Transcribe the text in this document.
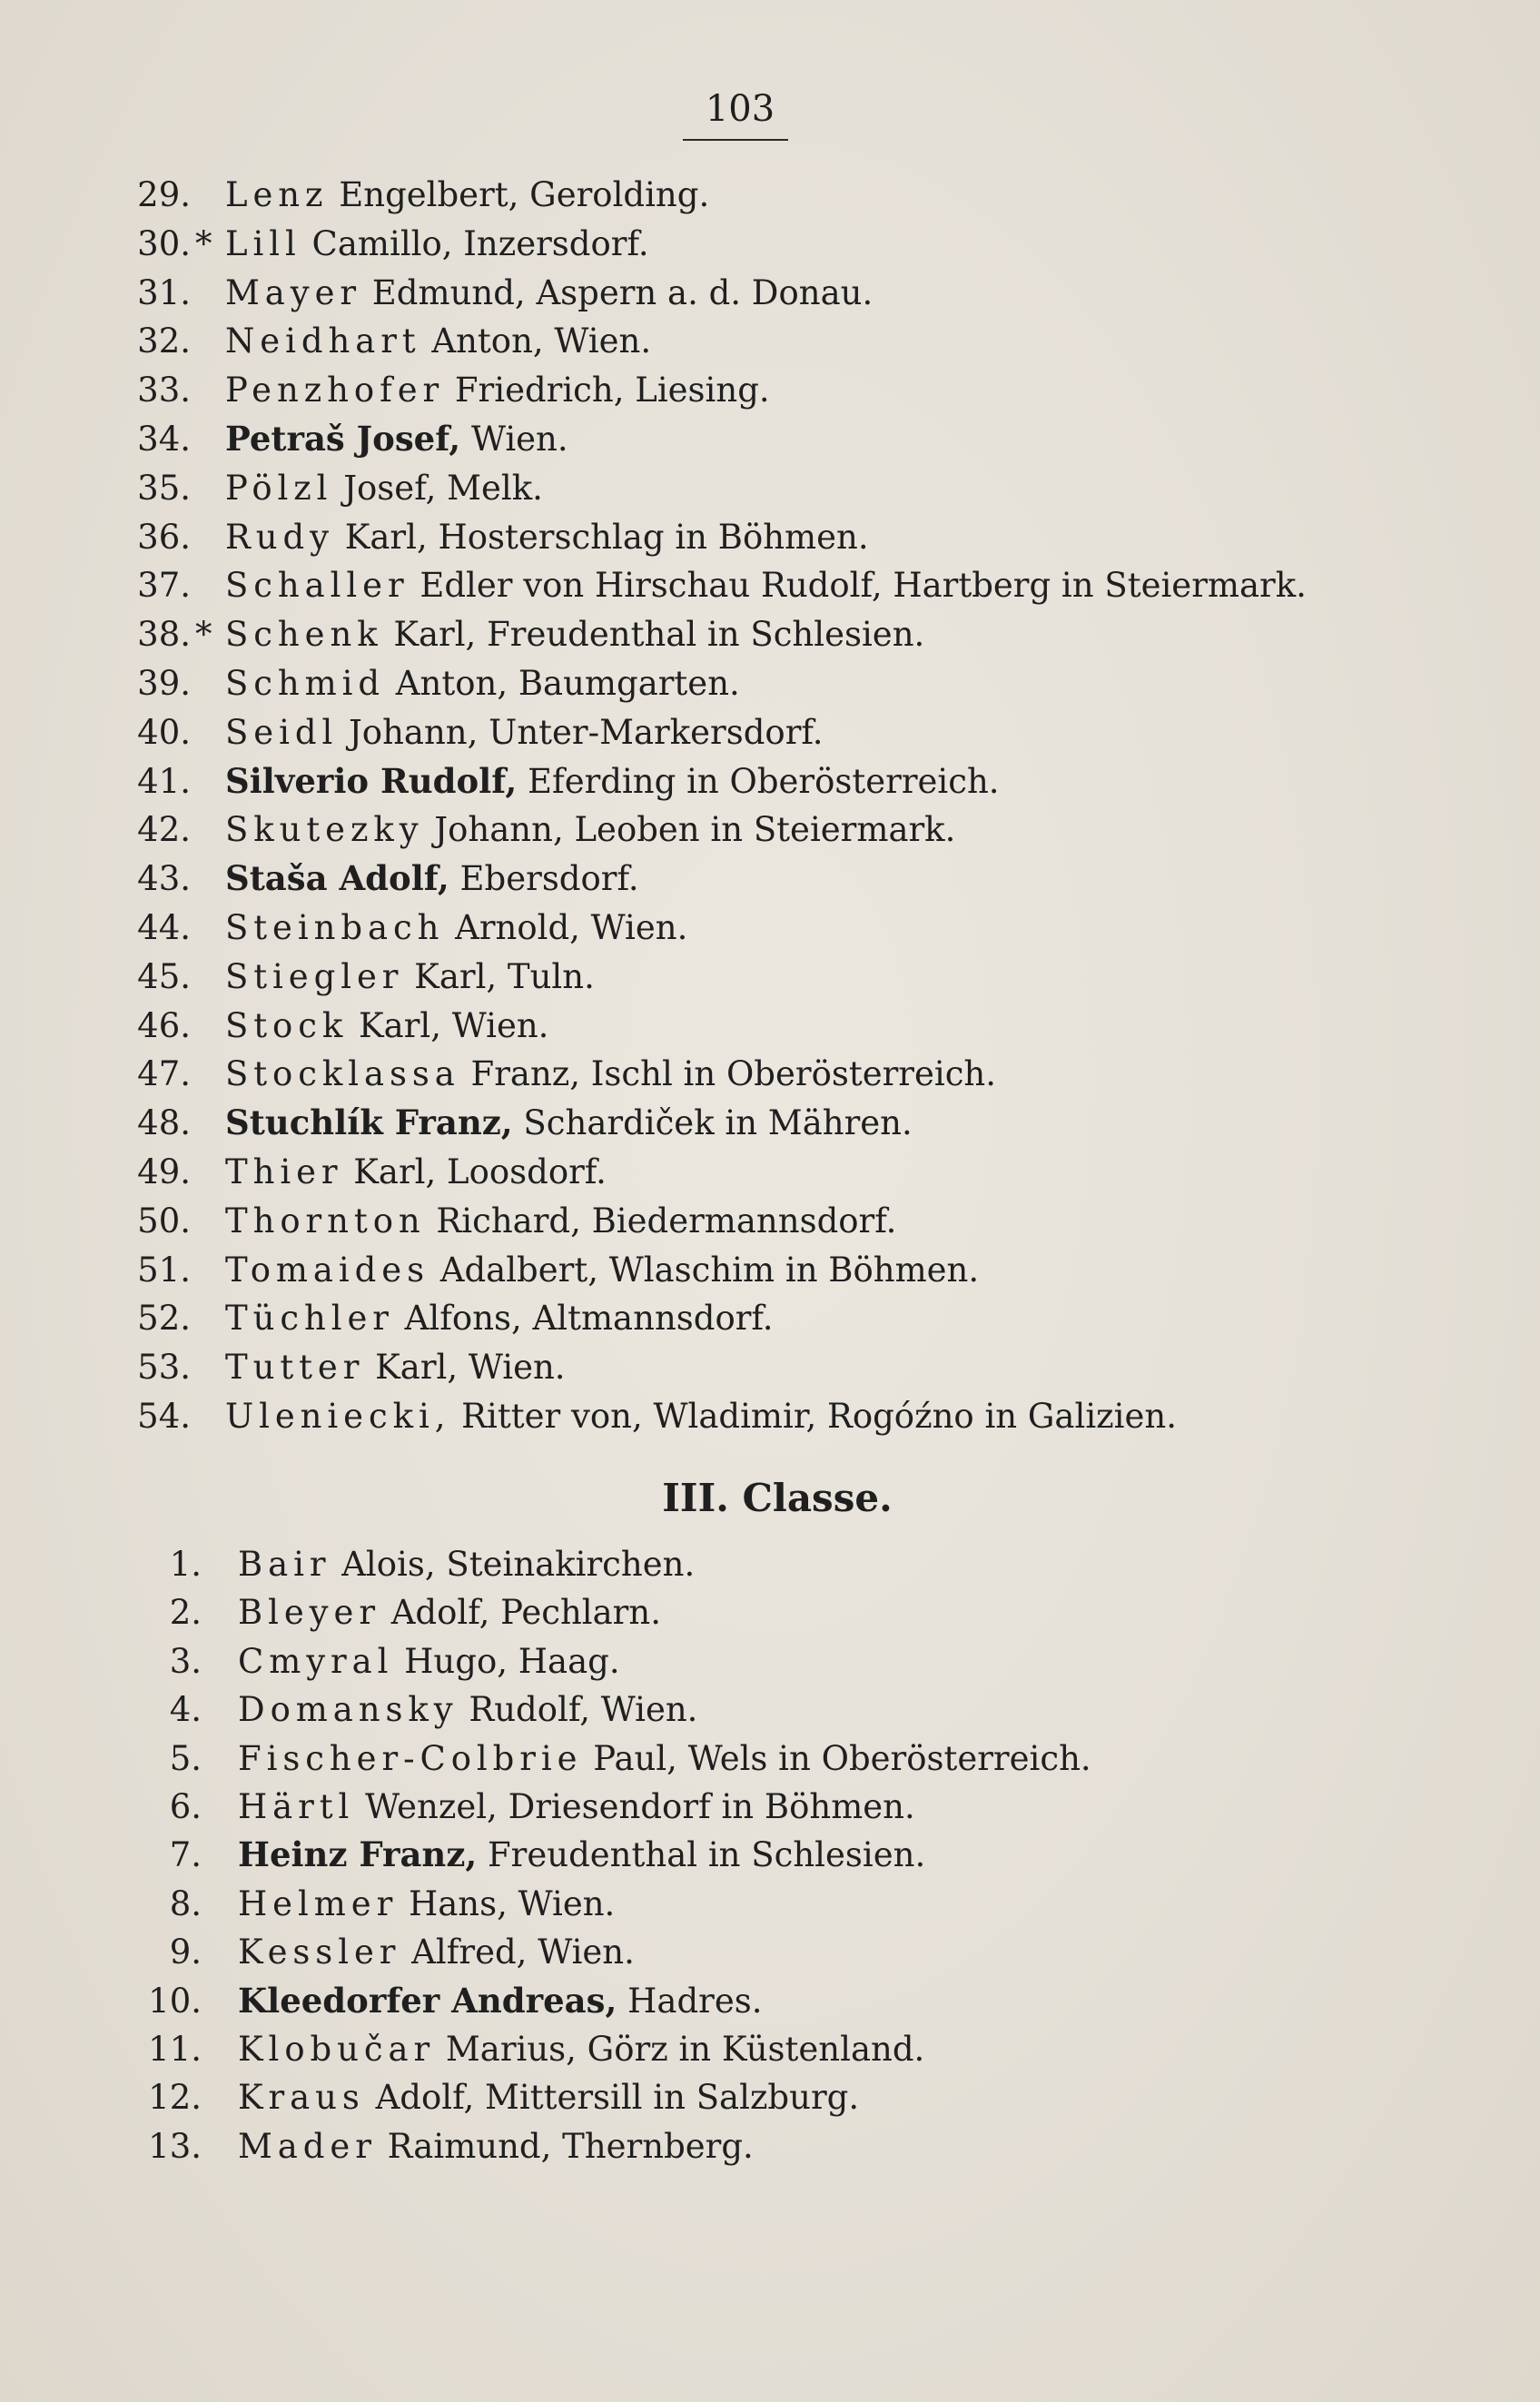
103
29. Lenz Engelbert, Gerolding.
30. * Lill Camillo, Inzersdorf.
31. Mayer Edmund, Aspern a. d. Donau.
32. Neidhart Anton, Wien.
33. Penzhofer Friedrich, Liesing.
34. Petraš Josef, Wien.
35. Pölzl Josef, Melk.
36. Rudy Karl, Hosterschlag in Böhmen.
37. Schaller Edler von Hirschau Rudolf, Hartberg in Steiermark.
38. * Schenk Karl, Freudenthal in Schlesien.
39. Schmid Anton, Baumgarten.
40. Seidl Johann, Unter-Markersdorf.
41. Silverio Rudolf, Eferding in Oberösterreich.
42. Skutezky Johann, Leoben in Steiermark.
43. Staša Adolf, Ebersdorf.
44. Steinbach Arnold, Wien.
45. Stiegler Karl, Tuln.
46. Stock Karl, Wien.
47. Stocklassa Franz, Ischl in Oberösterreich.
48. Stuchlík Franz, Schardiček in Mähren.
49. Thier Karl, Loosdorf.
50. Thornton Richard, Biedermannsdorf.
51. Tomaides Adalbert, Wlaschim in Böhmen.
52. Tüchler Alfons, Altmannsdorf.
53. Tutter Karl, Wien.
54. Uleniecki, Ritter von, Wladimir, Rogóźno in Galizien.
III. Classe.
1. Bair Alois, Steinakirchen.
2. Bleyer Adolf, Pechlarn.
3. Cmyral Hugo, Haag.
4. Domansky Rudolf, Wien.
5. Fischer-Colbrie Paul, Wels in Oberösterreich.
6. Härtl Wenzel, Driesendorf in Böhmen.
7. Heinz Franz, Freudenthal in Schlesien.
8. Helmer Hans, Wien.
9. Kessler Alfred, Wien.
10. Kleedorfer Andreas, Hadres.
11. Klobučar Marius, Görz in Küstenland.
12. Kraus Adolf, Mittersill in Salzburg.
13. Mader Raimund, Thernberg.
